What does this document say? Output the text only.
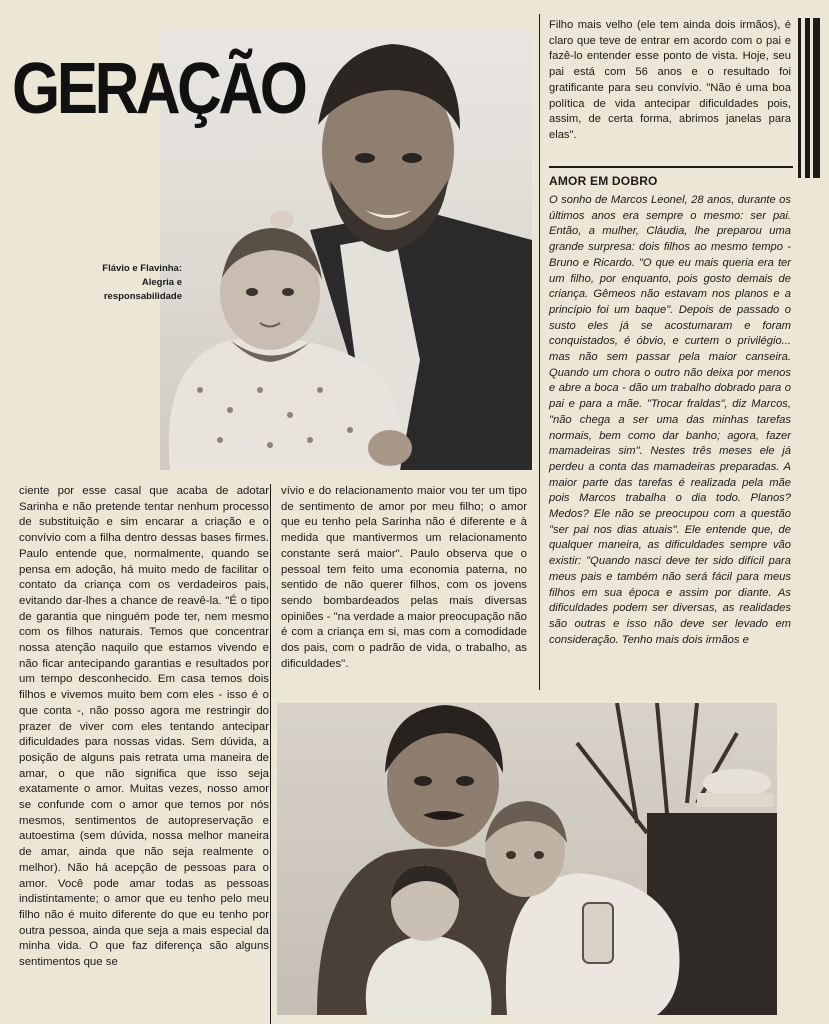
GERAÇÃO
Flávio e Flavinha:
Alegria e responsabilidade
Filho mais velho (ele tem ainda dois irmãos), é claro que teve de entrar em acordo com o pai e fazê-lo entender esse ponto de vista. Hoje, seu pai está com 56 anos e o resultado foi gratificante para seu convívio. "Não é uma boa política de vida antecipar dificuldades pois, assim, de certa forma, abrimos janelas para elas".
AMOR EM DOBRO
O sonho de Marcos Leonel, 28 anos, durante os últimos anos era sempre o mesmo: ser pai. Então, a mulher, Cláudia, lhe preparou uma grande surpresa: dois filhos ao mesmo tempo - Bruno e Ricardo. "O que eu mais queria era ter um filho, por enquanto, pois gosto demais de criança. Gêmeos não estavam nos planos e a princípio foi um baque". Depois de passado o susto eles já se acostumaram e foram conquistados, é óbvio, e curtem o privilégio... mas não sem passar pela maior canseira. Quando um chora o outro não deixa por menos e abre a boca - dão um trabalho dobrado para o pai e para a mãe. "Trocar fraldas", diz Marcos, "não chega a ser uma das minhas tarefas normais, bem como dar banho; agora, fazer mamadeiras sim". Nestes três meses ele já perdeu a conta das mamadeiras preparadas. A maior parte das tarefas é realizada pela mãe pois Marcos trabalha o dia todo. Planos? Medos? Ele não se preocupou com a questão "ser pai nos dias atuais". Ele entende que, de qualquer maneira, as dificuldades sempre vão existir: "Quando nasci deve ter sido difícil para meus pais e também não será fácil para meus filhos em sua época e assim por diante. As dificuldades podem ser diversas, as realidades são outras e isso não deve ser levado em consideração. Tenho mais dois irmãos e
ciente por esse casal que acaba de adotar Sarinha e não pretende tentar nenhum processo de substituição e sim encarar a criação e o convívio com a filha dentro dessas bases firmes. Paulo entende que, normalmente, quando se pensa em adoção, há muito medo de facilitar o contato da criança com os verdadeiros pais, evitando dar-lhes a chance de reavê-la. "É o tipo de garantia que ninguém pode ter, nem mesmo com os filhos naturais. Temos que concentrar nossa atenção naquilo que estamos vivendo e não ficar antecipando garantias e resultados por um tempo desconhecido. Em casa temos dois filhos e vivemos muito bem com eles - isso é o que conta -, não posso agora me restringir do prazer de viver com eles tentando antecipar dificuldades para nossas vidas. Sem dúvida, a posição de alguns pais retrata uma maneira de amar, o que não significa que isso seja exatamente o amor. Muitas vezes, nosso amor se confunde com o amor que temos por nós mesmos, sentimentos de autopreservação e autoestima (sem dúvida, nossa melhor maneira de amar, ainda que não seja realmente o melhor). Não há acepção de pessoas para o amor. Você pode amar todas as pessoas indistintamente; o amor que eu tenho pelo meu filho não é muito diferente do que eu tenho por outra pessoa, ainda que seja a mais especial da minha vida. O que faz diferença são alguns sentimentos que se
vívio e do relacionamento maior vou ter um tipo de sentimento de amor por meu filho; o amor que eu tenho pela Sarinha não é diferente e à medida que mantivermos um relacionamento constante será maior". Paulo observa que o pessoal tem feito uma economia paterna, no sentido de não querer filhos, com os jovens sendo bombardeados pelas mais diversas opiniões - "na verdade a maior preocupação não é com a criança em si, mas com a comodidade dos pais, com o padrão de vida, o trabalho, as dificuldades".
